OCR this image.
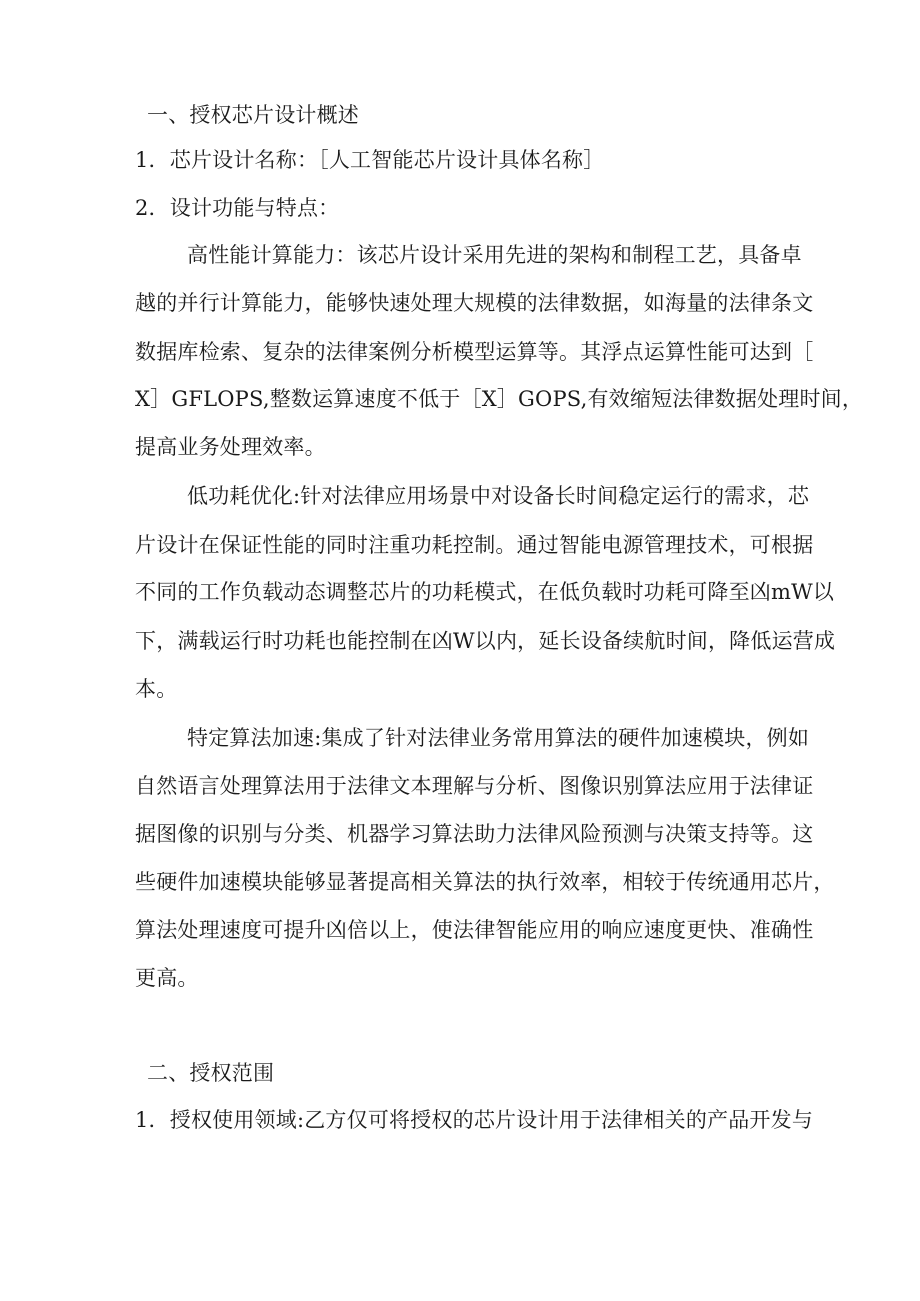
一、授权芯片设计概述
1．芯片设计名称：［人工智能芯片设计具体名称］
2．设计功能与特点：
高性能计算能力：该芯片设计采用先进的架构和制程工艺，具备卓
越的并行计算能力，能够快速处理大规模的法律数据，如海量的法律条文
数据库检索、复杂的法律案例分析模型运算等。其浮点运算性能可达到［
X］GFLOPS,整数运算速度不低于［X］GOPS,有效缩短法律数据处理时间，
提高业务处理效率。
低功耗优化:针对法律应用场景中对设备长时间稳定运行的需求，芯
片设计在保证性能的同时注重功耗控制。通过智能电源管理技术，可根据
不同的工作负载动态调整芯片的功耗模式，在低负载时功耗可降至凶mW以
下，满载运行时功耗也能控制在凶W以内，延长设备续航时间，降低运营成
本。
特定算法加速:集成了针对法律业务常用算法的硬件加速模块，例如
自然语言处理算法用于法律文本理解与分析、图像识别算法应用于法律证
据图像的识别与分类、机器学习算法助力法律风险预测与决策支持等。这
些硬件加速模块能够显著提高相关算法的执行效率，相较于传统通用芯片，
算法处理速度可提升凶倍以上，使法律智能应用的响应速度更快、准确性
更高。
二、授权范围
1．授权使用领域:乙方仅可将授权的芯片设计用于法律相关的产品开发与
